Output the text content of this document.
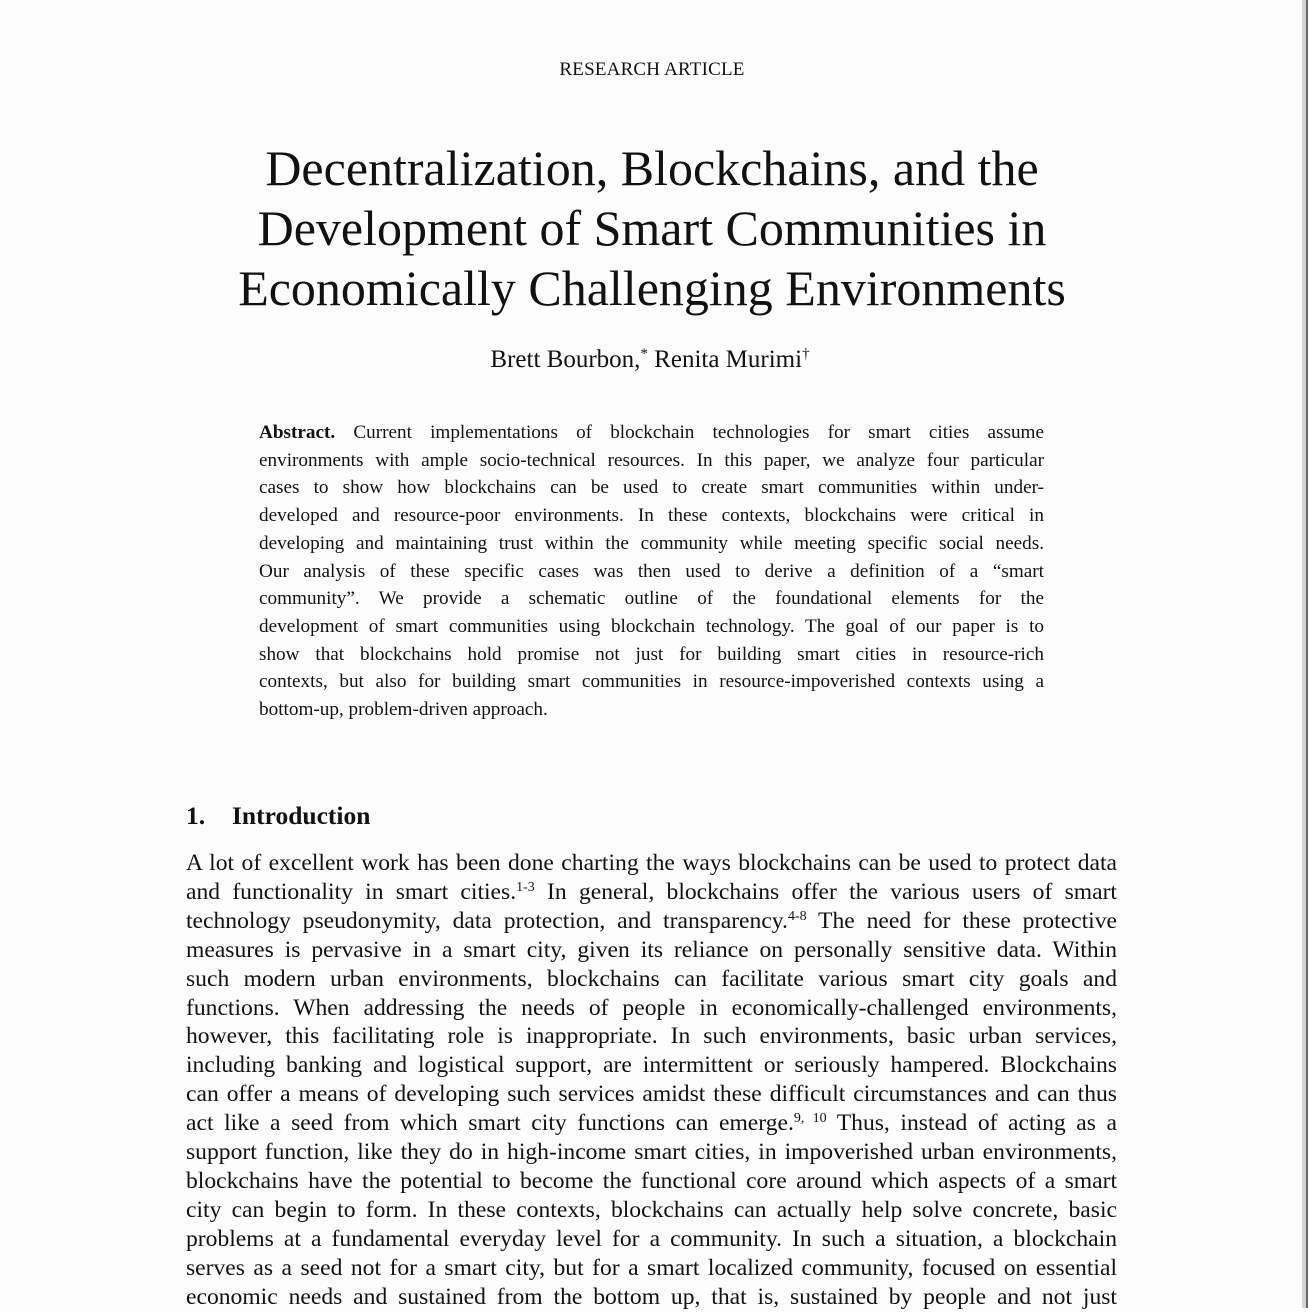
RESEARCH ARTICLE
Decentralization, Blockchains, and the
Development of Smart Communities in
Economically Challenging Environments
Brett Bourbon,* Renita Murimi†
Abstract. Current implementations of blockchain technologies for smart cities assume
environments with ample socio-technical resources. In this paper, we analyze four particular
cases to show how blockchains can be used to create smart communities within under-
developed and resource-poor environments. In these contexts, blockchains were critical in
developing and maintaining trust within the community while meeting specific social needs.
Our analysis of these specific cases was then used to derive a definition of a “smart
community”. We provide a schematic outline of the foundational elements for the
development of smart communities using blockchain technology. The goal of our paper is to
show that blockchains hold promise not just for building smart cities in resource-rich
contexts, but also for building smart communities in resource-impoverished contexts using a
bottom-up, problem-driven approach.
1. Introduction
A lot of excellent work has been done charting the ways blockchains can be used to protect data
and functionality in smart cities.$^{1-3}$ In general, blockchains offer the various users of smart
technology pseudonymity, data protection, and transparency.$^{4-8}$ The need for these protective
measures is pervasive in a smart city, given its reliance on personally sensitive data. Within
such modern urban environments, blockchains can facilitate various smart city goals and
functions. When addressing the needs of people in economically-challenged environments,
however, this facilitating role is inappropriate. In such environments, basic urban services,
including banking and logistical support, are intermittent or seriously hampered. Blockchains
can offer a means of developing such services amidst these difficult circumstances and can thus
act like a seed from which smart city functions can emerge.$^{9, 10}$ Thus, instead of acting as a
support function, like they do in high-income smart cities, in impoverished urban environments,
blockchains have the potential to become the functional core around which aspects of a smart
city can begin to form. In these contexts, blockchains can actually help solve concrete, basic
problems at a fundamental everyday level for a community. In such a situation, a blockchain
serves as a seed not for a smart city, but for a smart localized community, focused on essential
economic needs and sustained from the bottom up, that is, sustained by people and not just
